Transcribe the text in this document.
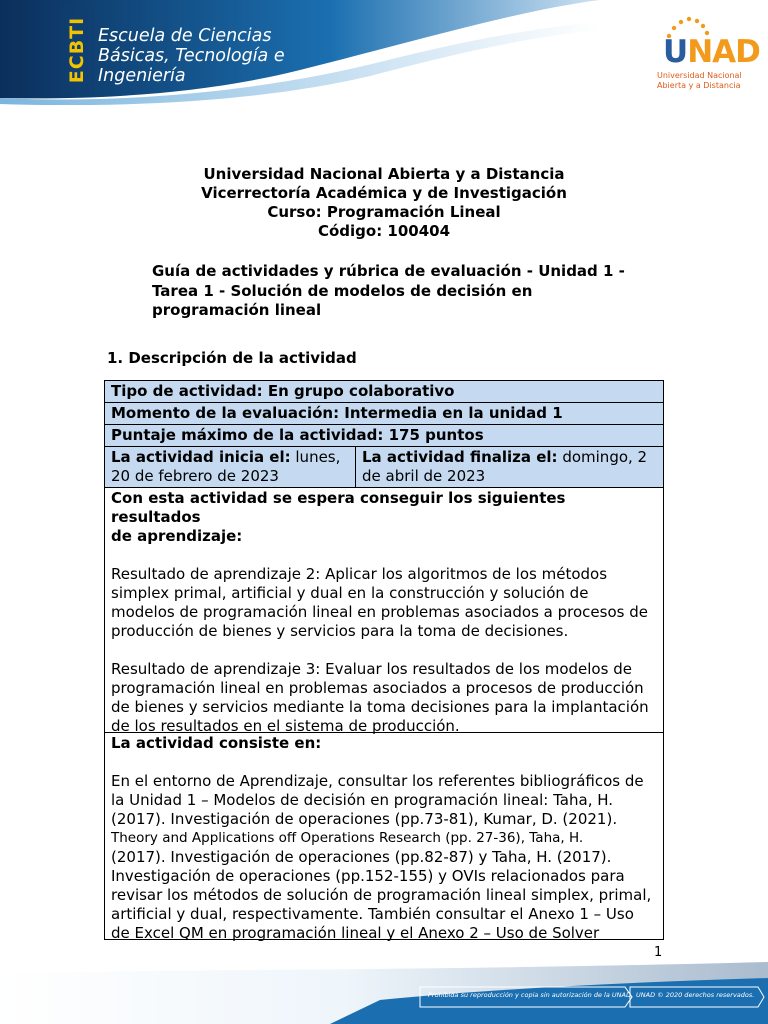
ECBTI Escuela de Ciencias
Básicas, Tecnología e
Ingeniería
UNAD
Universidad Nacional
Abierta y a Distancia
Universidad Nacional Abierta y a Distancia
Vicerrectoría Académica y de Investigación
Curso: Programación Lineal
Código: 100404
Guía de actividades y rúbrica de evaluación - Unidad 1 -
Tarea 1 - Solución de modelos de decisión en
programación lineal
1. Descripción de la actividad
Tipo de actividad: En grupo colaborativo
Momento de la evaluación: Intermedia en la unidad 1
Puntaje máximo de la actividad: 175 puntos
La actividad inicia el: lunes,
20 de febrero de 2023
La actividad finaliza el: domingo, 2
de abril de 2023

Con esta actividad se espera conseguir los siguientes resultados

de aprendizaje:

Resultado de aprendizaje 2: Aplicar los algoritmos de los métodos

simplex primal, artificial y dual en la construcción y solución de

modelos de programación lineal en problemas asociados a procesos de

producción de bienes y servicios para la toma de decisiones.

Resultado de aprendizaje 3: Evaluar los resultados de los modelos de

programación lineal en problemas asociados a procesos de producción

de bienes y servicios mediante la toma decisiones para la implantación

de los resultados en el sistema de producción.

La actividad consiste en:

En el entorno de Aprendizaje, consultar los referentes bibliográficos de

la Unidad 1 – Modelos de decisión en programación lineal: Taha, H.

(2017). Investigación de operaciones (pp.73-81), Kumar, D. (2021).

Theory and Applications off Operations Research (pp. 27-36), Taha, H.

(2017). Investigación de operaciones (pp.82-87) y Taha, H. (2017).

Investigación de operaciones (pp.152-155) y OVIs relacionados para

revisar los métodos de solución de programación lineal simplex, primal,

artificial y dual, respectivamente. También consultar el Anexo 1 – Uso

de Excel QM en programación lineal y el Anexo 2 – Uso de Solver

1
Prohibida su reproducción y copia sin autorización de la UNAD. UNAD © 2020 derechos reservados.
